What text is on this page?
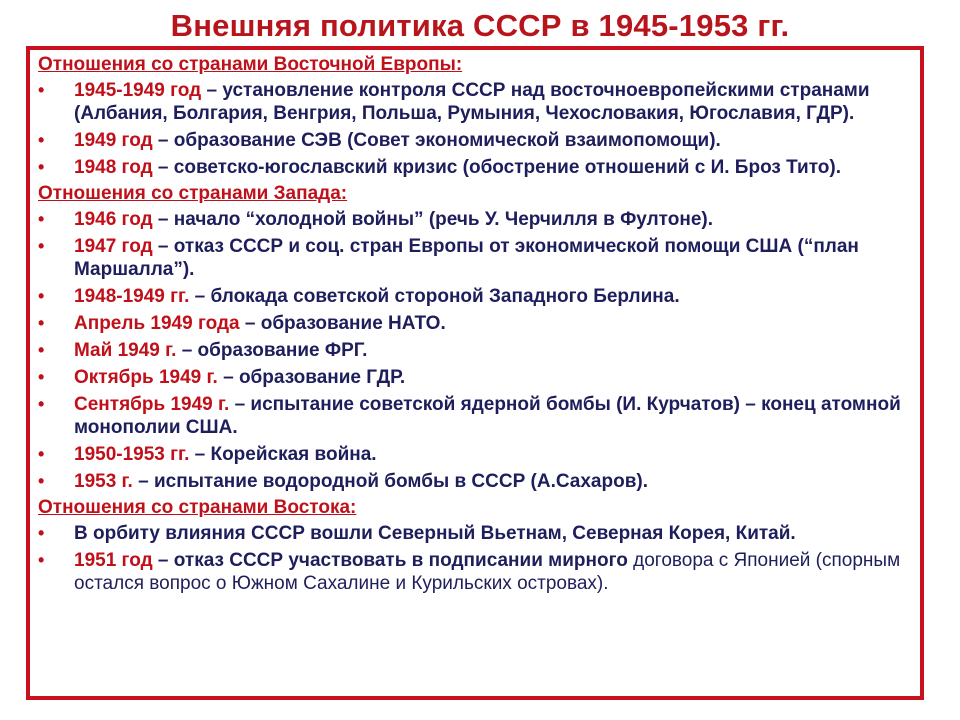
Внешняя политика СССР в 1945-1953 гг.
Отношения со странами Восточной Европы:
• 1945-1949 год – установление контроля СССР над восточноевропейскими странами (Албания, Болгария, Венгрия, Польша, Румыния, Чехословакия, Югославия, ГДР).
• 1949 год – образование СЭВ (Совет экономической взаимопомощи).
• 1948 год – советско-югославский кризис (обострение отношений с И. Броз Тито).
Отношения со странами Запада:
• 1946 год – начало “холодной войны” (речь У. Черчилля в Фултоне).
• 1947 год – отказ СССР и соц. стран Европы от экономической помощи США (“план Маршалла”).
• 1948-1949 гг. – блокада советской стороной Западного Берлина.
• Апрель 1949 года – образование НАТО.
• Май 1949 г. – образование ФРГ.
• Октябрь 1949 г. – образование ГДР.
• Сентябрь 1949 г. – испытание советской ядерной бомбы (И. Курчатов) – конец атомной монополии США.
• 1950-1953 гг. – Корейская война.
• 1953 г. – испытание водородной бомбы в СССР (А.Сахаров).
Отношения со странами Востока:
• В орбиту влияния СССР вошли Северный Вьетнам, Северная Корея, Китай.
• 1951 год – отказ СССР участвовать в подписании мирного договора с Японией (спорным остался вопрос о Южном Сахалине и Курильских островах).
